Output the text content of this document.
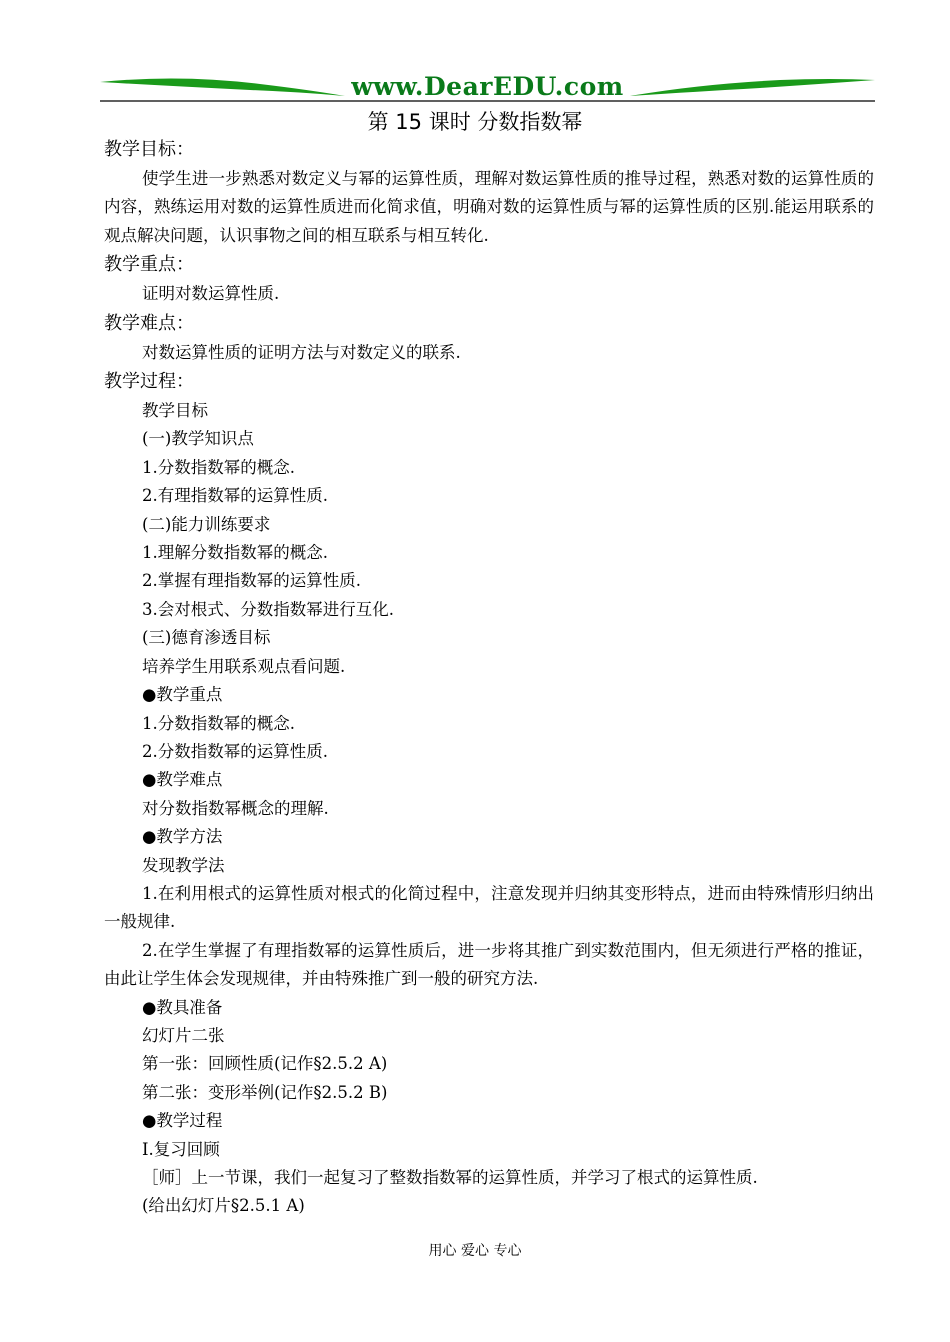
www.DearEDU.com
第 15 课时 分数指数幂
教学目标：
使学生进一步熟悉对数定义与幂的运算性质，理解对数运算性质的推导过程，熟悉对数的运算性质的内容，熟练运用对数的运算性质进而化简求值，明确对数的运算性质与幂的运算性质的区别.能运用联系的观点解决问题，认识事物之间的相互联系与相互转化.
教学重点：
证明对数运算性质.
教学难点：
对数运算性质的证明方法与对数定义的联系.
教学过程：
教学目标
(一)教学知识点
1.分数指数幂的概念.
2.有理指数幂的运算性质.
(二)能力训练要求
1.理解分数指数幂的概念.
2.掌握有理指数幂的运算性质.
3.会对根式、分数指数幂进行互化.
(三)德育渗透目标
培养学生用联系观点看问题.
●教学重点
1.分数指数幂的概念.
2.分数指数幂的运算性质.
●教学难点
对分数指数幂概念的理解.
●教学方法
发现教学法
1.在利用根式的运算性质对根式的化简过程中，注意发现并归纳其变形特点，进而由特殊情形归纳出一般规律.
2.在学生掌握了有理指数幂的运算性质后，进一步将其推广到实数范围内，但无须进行严格的推证，由此让学生体会发现规律，并由特殊推广到一般的研究方法.
●教具准备
幻灯片二张
第一张：回顾性质(记作§2.5.2 A)
第二张：变形举例(记作§2.5.2 B)
●教学过程
Ⅰ.复习回顾
［师］上一节课，我们一起复习了整数指数幂的运算性质，并学习了根式的运算性质.
(给出幻灯片§2.5.1 A)
用心 爱心 专心
